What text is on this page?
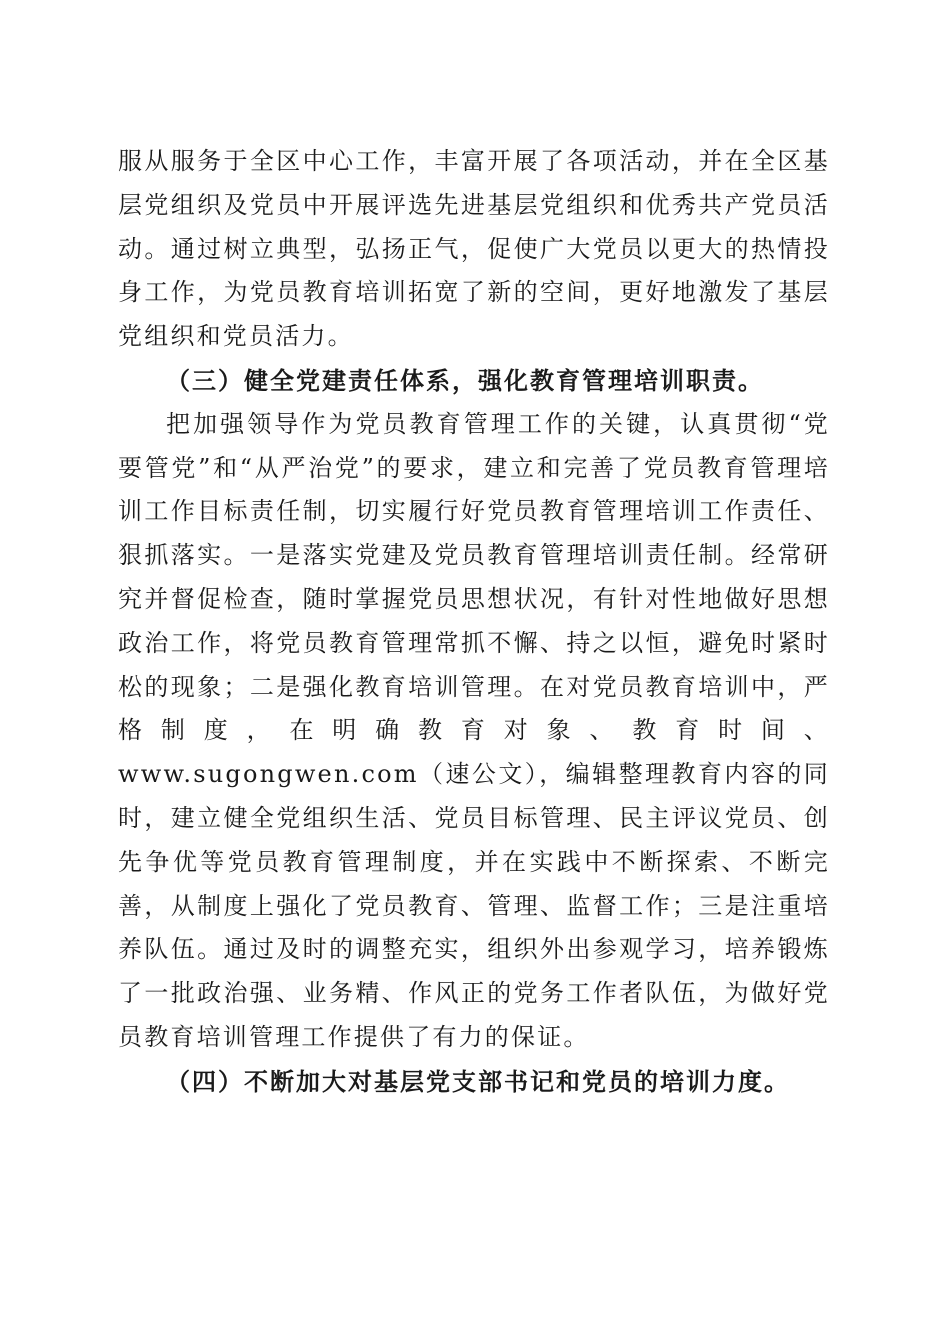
服从服务于全区中心工作，丰富开展了各项活动，并在全区基层党组织及党员中开展评选先进基层党组织和优秀共产党员活动。通过树立典型，弘扬正气，促使广大党员以更大的热情投身工作，为党员教育培训拓宽了新的空间，更好地激发了基层党组织和党员活力。

（三）健全党建责任体系，强化教育管理培训职责。

把加强领导作为党员教育管理工作的关键，认真贯彻“党要管党”和“从严治党”的要求，建立和完善了党员教育管理培训工作目标责任制，切实履行好党员教育管理培训工作责任、狠抓落实。一是落实党建及党员教育管理培训责任制。经常研究并督促检查，随时掌握党员思想状况，有针对性地做好思想政治工作，将党员教育管理常抓不懈、持之以恒，避免时紧时松的现象；二是强化教育培训管理。在对党员教育培训中，严格制度，在明确教育对象、教育时间、www.sugongwen.com（速公文），编辑整理教育内容的同时，建立健全党组织生活、党员目标管理、民主评议党员、创先争优等党员教育管理制度，并在实践中不断探索、不断完善，从制度上强化了党员教育、管理、监督工作；三是注重培养队伍。通过及时的调整充实，组织外出参观学习，培养锻炼了一批政治强、业务精、作风正的党务工作者队伍，为做好党员教育培训管理工作提供了有力的保证。

（四）不断加大对基层党支部书记和党员的培训力度。
